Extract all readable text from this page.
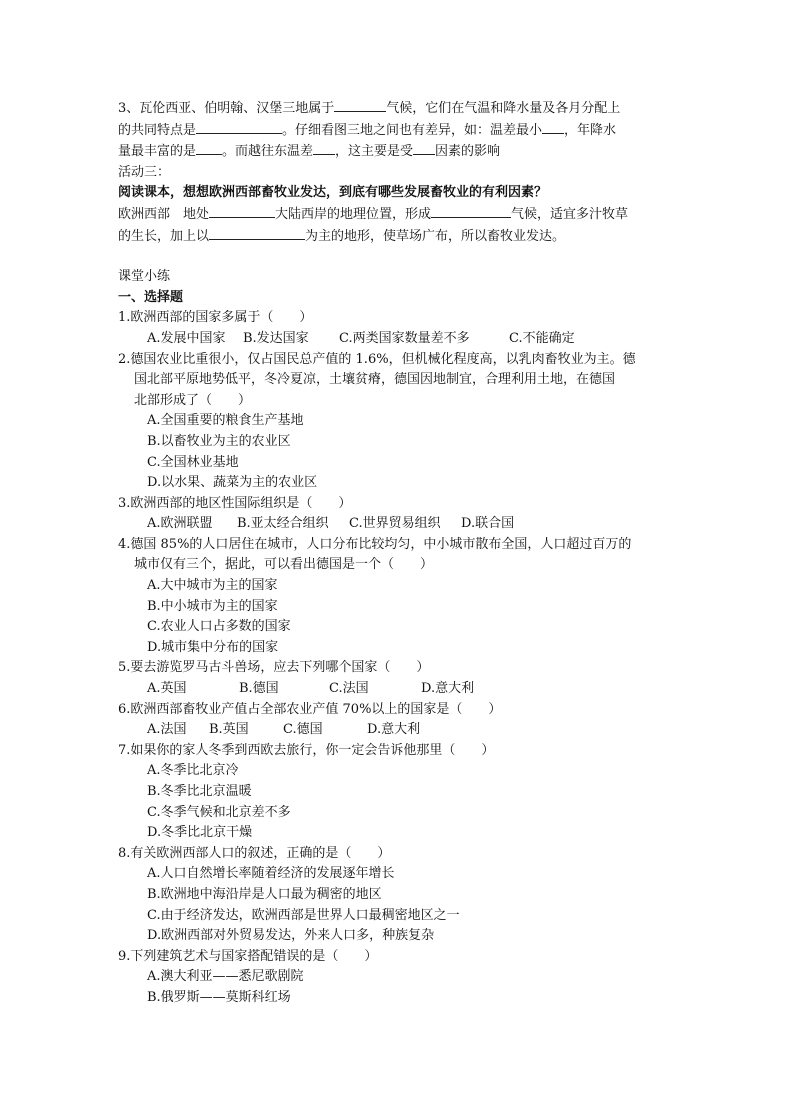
3、瓦伦西亚、伯明翰、汉堡三地属于	气候，它们在气温和降水量及各月分配上
的共同特点是	。仔细看图三地之间也有差异，如：温差最小 ，年降水
量最丰富的是 。而越往东温差 ，这主要是受 因素的影响
活动三：
阅读课本，想想欧洲西部畜牧业发达，到底有哪些发展畜牧业的有利因素？
欧洲西部　地处	大陆西岸的地理位置，形成	气候，适宜多汁牧草
的生长，加上以	为主的地形，使草场广布，所以畜牧业发达。
课堂小练
一、选择题
1.欧洲西部的国家多属于（　　）
A.发展中国家 B.发达国家 C.两类国家数量差不多	C.不能确定
2.德国农业比重很小，仅占国民总产值的 1.6%，但机械化程度高，以乳肉畜牧业为主。德
国北部平原地势低平，冬冷夏凉，土壤贫瘠，德国因地制宜，合理利用土地，在德国
北部形成了（　　）
A.全国重要的粮食生产基地
B.以畜牧业为主的农业区
C.全国林业基地
D.以水果、蔬菜为主的农业区
3.欧洲西部的地区性国际组织是（　　）
A.欧洲联盟 B.亚太经合组织 C.世界贸易组织 D.联合国
4.德国 85%的人口居住在城市，人口分布比较均匀，中小城市散布全国，人口超过百万的
城市仅有三个，据此，可以看出德国是一个（　　）
A.大中城市为主的国家
B.中小城市为主的国家
C.农业人口占多数的国家
D.城市集中分布的国家
5.要去游览罗马古斗兽场，应去下列哪个国家（　　）
A.英国	B.德国	C.法国	D.意大利
6.欧洲西部畜牧业产值占全部农业产值 70%以上的国家是（　　）
A.法国 B.英国	C.德国	D.意大利
7.如果你的家人冬季到西欧去旅行，你一定会告诉他那里（　　）
A.冬季比北京冷
B.冬季比北京温暖
C.冬季气候和北京差不多
D.冬季比北京干燥
8.有关欧洲西部人口的叙述，正确的是（　　）
A.人口自然增长率随着经济的发展逐年增长
B.欧洲地中海沿岸是人口最为稠密的地区
C.由于经济发达，欧洲西部是世界人口最稠密地区之一
D.欧洲西部对外贸易发达，外来人口多，种族复杂
9.下列建筑艺术与国家搭配错误的是（　　）
A.澳大利亚——悉尼歌剧院
B.俄罗斯——莫斯科红场
